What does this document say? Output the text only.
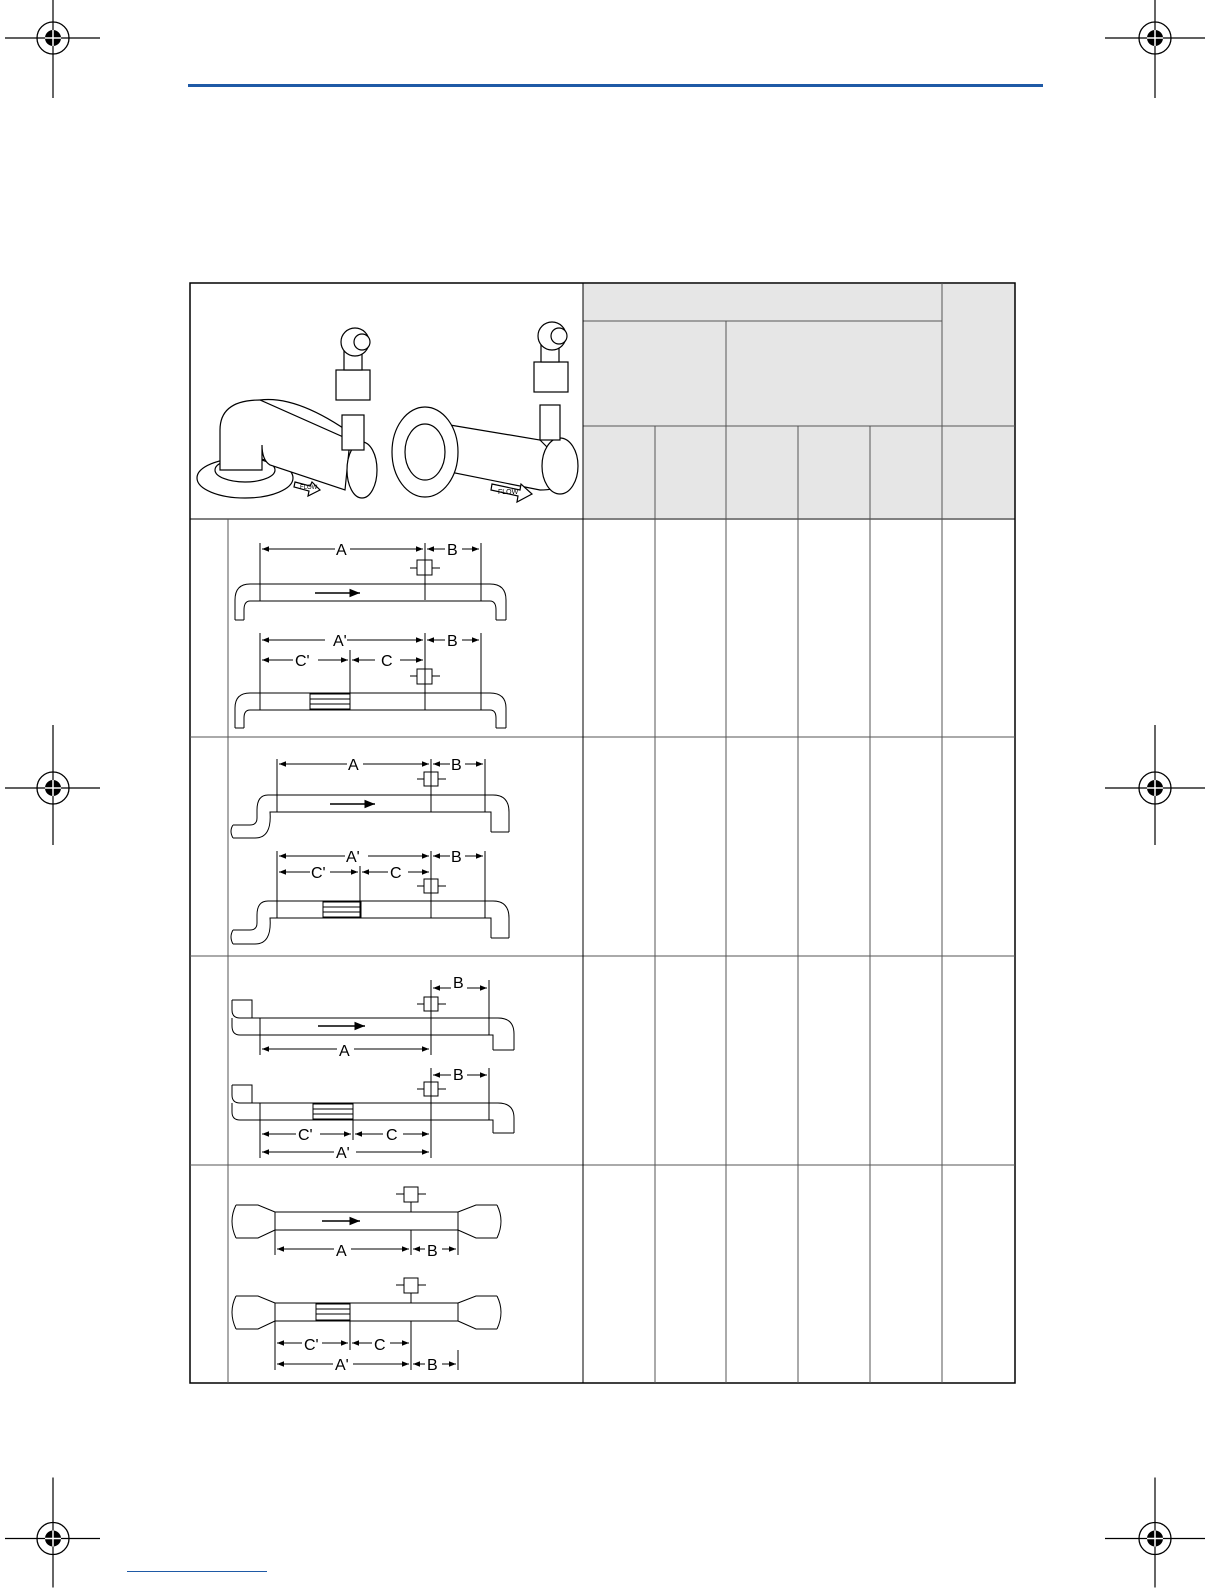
FLOW
FLOW
A	B
A'	B
C'	C
A	B
A'	B
C'	C
B
A
B
C'	C
A'
A	B
C'	C
A'	B
